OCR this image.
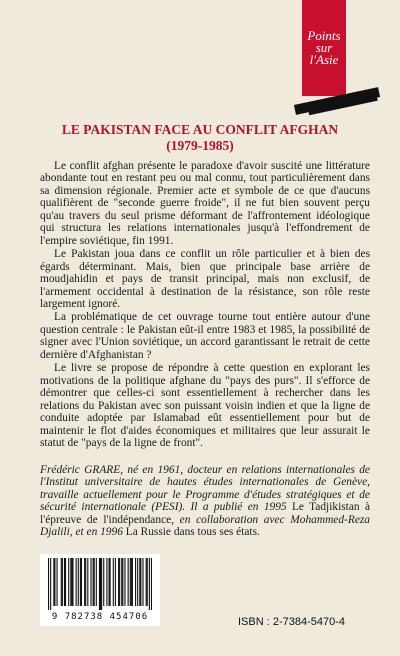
Points
sur
l'Asie
LE PAKISTAN FACE AU CONFLIT AFGHAN
(1979-1985)

Le conflit afghan présente le paradoxe d'avoir suscité une littérature abondante tout en restant peu ou mal connu, tout particulièrement dans sa dimension régionale. Premier acte et symbole de ce que d'aucuns qualifièrent de "seconde guerre froide", il ne fut bien souvent perçu qu'au travers du seul prisme déformant de l'affrontement idéologique qui structura les relations internationales jusqu'à l'effondrement de l'empire soviétique, fin 1991.

Le Pakistan joua dans ce conflit un rôle particulier et à bien des égards déterminant. Mais, bien que principale base arrière de moudjahidin et pays de transit principal, mais non exclusif, de l'armement occidental à destination de la résistance, son rôle reste largement ignoré.

La problématique de cet ouvrage tourne tout entière autour d'une question centrale : le Pakistan eût-il entre 1983 et 1985, la possibilité de signer avec l'Union soviétique, un accord garantissant le retrait de cette dernière d'Afghanistan ?

Le livre se propose de répondre à cette question en explorant les motivations de la politique afghane du "pays des purs". Il s'efforce de démontrer que celles-ci sont essentiellement à rechercher dans les relations du Pakistan avec son puissant voisin indien et que la ligne de conduite adoptée par Islamabad eût essentiellement pour but de maintenir le flot d'aides économiques et militaires que leur assurait le statut de "pays de la ligne de front".

Frédéric GRARE, né en 1961, docteur en relations internationales de l'Institut universitaire de hautes études internationales de Genève, travaille actuellement pour le Programme d'études stratégiques et de sécurité internationale (PESI). Il a publié en 1995 Le Tadjikistan à l'épreuve de l'indépendance, en collaboration avec Mohammed-Reza Djalili, et en 1996 La Russie dans tous ses états.

9 782738 454706	ISBN : 2-7384-5470-4
